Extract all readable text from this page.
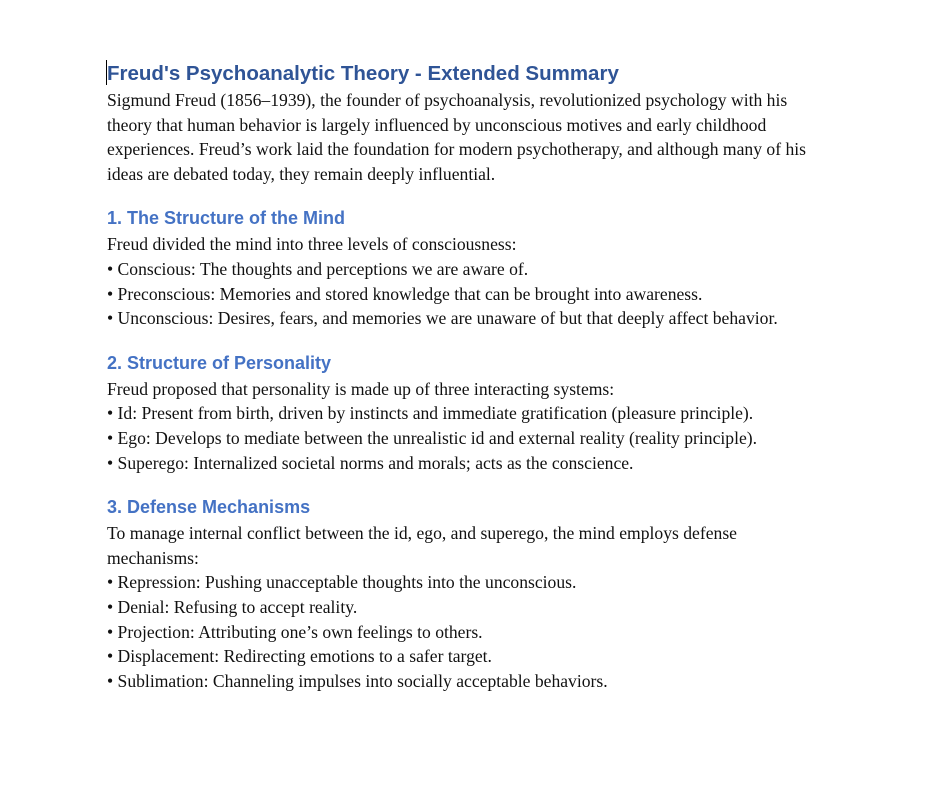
Freud's Psychoanalytic Theory - Extended Summary

Sigmund Freud (1856–1939), the founder of psychoanalysis, revolutionized psychology with his theory that human behavior is largely influenced by unconscious motives and early childhood experiences. Freud’s work laid the foundation for modern psychotherapy, and although many of his ideas are debated today, they remain deeply influential.

1. The Structure of the Mind

Freud divided the mind into three levels of consciousness:

• Conscious: The thoughts and perceptions we are aware of.

• Preconscious: Memories and stored knowledge that can be brought into awareness.

• Unconscious: Desires, fears, and memories we are unaware of but that deeply affect behavior.

2. Structure of Personality

Freud proposed that personality is made up of three interacting systems:

• Id: Present from birth, driven by instincts and immediate gratification (pleasure principle).

• Ego: Develops to mediate between the unrealistic id and external reality (reality principle).

• Superego: Internalized societal norms and morals; acts as the conscience.

3. Defense Mechanisms

To manage internal conflict between the id, ego, and superego, the mind employs defense mechanisms:

• Repression: Pushing unacceptable thoughts into the unconscious.

• Denial: Refusing to accept reality.

• Projection: Attributing one’s own feelings to others.

• Displacement: Redirecting emotions to a safer target.

• Sublimation: Channeling impulses into socially acceptable behaviors.
